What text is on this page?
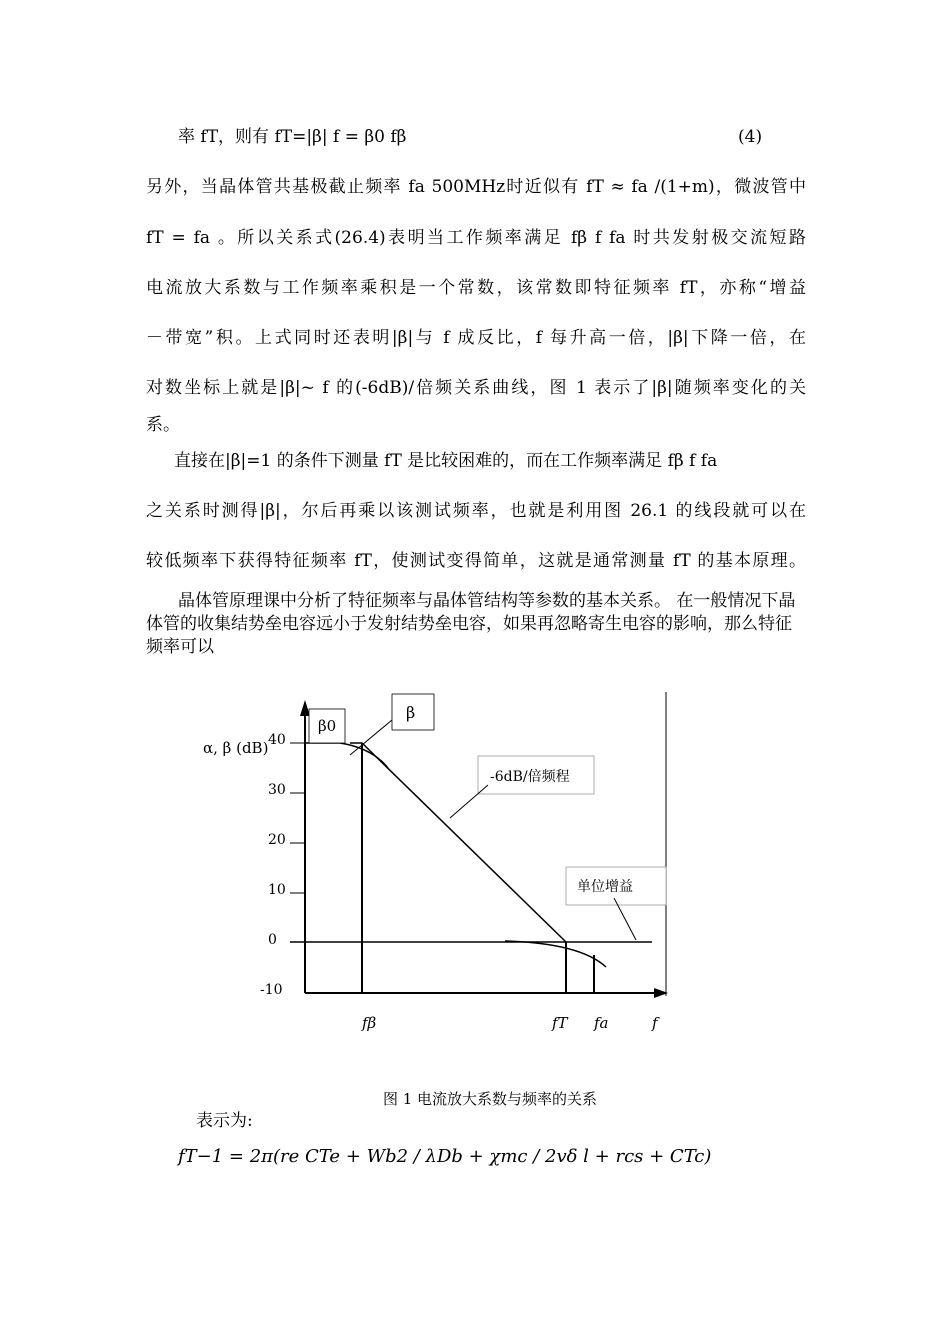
率 fT，则有 fT=|β| f = β0 fβ	(4)
另外，当晶体管共基极截止频率 fa 500MHz时近似有 fT ≈ fa /(1+m)，微波管中
fT = fa 。所以关系式(26.4)表明当工作频率满足 fβ f fa 时共发射极交流短路
电流放大系数与工作频率乘积是一个常数，该常数即特征频率 fT，亦称“增益
－带宽”积。上式同时还表明|β|与 f 成反比，f 每升高一倍，|β|下降一倍，在
对数坐标上就是|β|~ f 的(-6dB)/倍频关系曲线，图 1 表示了|β|随频率变化的关
系。
直接在|β|=1 的条件下测量 fT 是比较困难的，而在工作频率满足 fβ f fa
之关系时测得|β|，尔后再乘以该测试频率，也就是利用图 26.1 的线段就可以在
较低频率下获得特征频率 fT，使测试变得简单，这就是通常测量 fT 的基本原理。
晶体管原理课中分析了特征频率与晶体管结构等参数的基本关系。 在一般情况下晶体管的收集结势垒电容远小于发射结势垒电容，如果再忽略寄生电容的影响，那么特征频率可以
40
30
20
10
0
-10
α, β (dB)
β0
β
-6dB/倍频程
单位增益
fβ	fT fa	f
图 1 电流放大系数与频率的关系
表示为:
fT−1 = 2π(re CTe + Wb2 / λDb + χmc / 2vδ l + rcs + CTc)
